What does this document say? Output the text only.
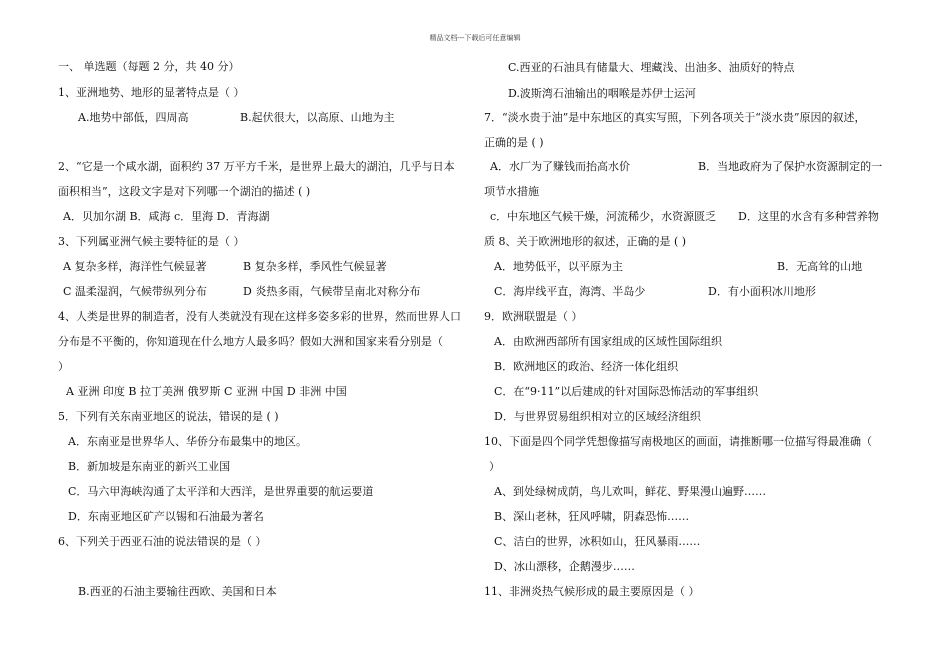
精品文档---下载后可任意编辑
一、 单选题（每题 2 分，共 40 分）
1、亚洲地势、地形的显著特点是（ ）
A.地势中部低，四周高	B.起伏很大，以高原、山地为主
2、“它是一个咸水湖，面积约 37 万平方千米，是世界上最大的湖泊，几乎与日本
面积相当”，这段文字是对下列哪一个湖泊的描述 ( )
A．贝加尔湖 B．咸海 c．里海 D．青海湖
3、下列属亚洲气候主要特征的是（ ）
A 复杂多样，海洋性气候显著	B 复杂多样，季风性气候显著
C 温柔湿润，气候带纵列分布	D 炎热多雨，气候带呈南北对称分布
4、人类是世界的制造者，没有人类就没有现在这样多姿多彩的世界，然而世界人口
分布是不平衡的，你知道现在什么地方人最多吗？假如大洲和国家来看分别是（
）
A 亚洲 印度 B 拉丁美洲 俄罗斯 C 亚洲 中国 D 非洲 中国
5．下列有关东南亚地区的说法，错误的是 ( )
A．东南亚是世界华人、华侨分布最集中的地区。
B．新加坡是东南亚的新兴工业国
C．马六甲海峡沟通了太平洋和大西洋，是世界重要的航运要道
D．东南亚地区矿产以锡和石油最为著名
6、下列关于西亚石油的说法错误的是（ ）
B.西亚的石油主要输往西欧、美国和日本
C.西亚的石油具有储量大、埋藏浅、出油多、油质好的特点
D.波斯湾石油输出的咽喉是苏伊士运河
7．“淡水贵于油”是中东地区的真实写照，下列各项关于“淡水贵”原因的叙述，
正确的是 ( )
A．水厂为了赚钱而抬高水价	B．当地政府为了保护水资源制定的一
项节水措施
c．中东地区气候干燥，河流稀少，水资源匮乏 D．这里的水含有多种营养物
质 8、关于欧洲地形的叙述，正确的是 ( )
A．地势低平，以平原为主	B．无高耸的山地
C．海岸线平直，海湾、半岛少	D．有小面积冰川地形
9．欧洲联盟是（ ）
A．由欧洲西部所有国家组成的区域性国际组织
B．欧洲地区的政治、经济一体化组织
C．在“9·11”以后建成的针对国际恐怖活动的军事组织
D．与世界贸易组织相对立的区域经济组织
10、下面是四个同学凭想像描写南极地区的画面，请推断哪一位描写得最准确（
）
A、到处绿树成荫，鸟儿欢叫，鲜花、野果漫山遍野……
B、深山老林，狂风呼啸，阴森恐怖……
C、洁白的世界，冰积如山，狂风暴雨……
D、冰山漂移，企鹅漫步……
11、非洲炎热气候形成的最主要原因是（ ）
